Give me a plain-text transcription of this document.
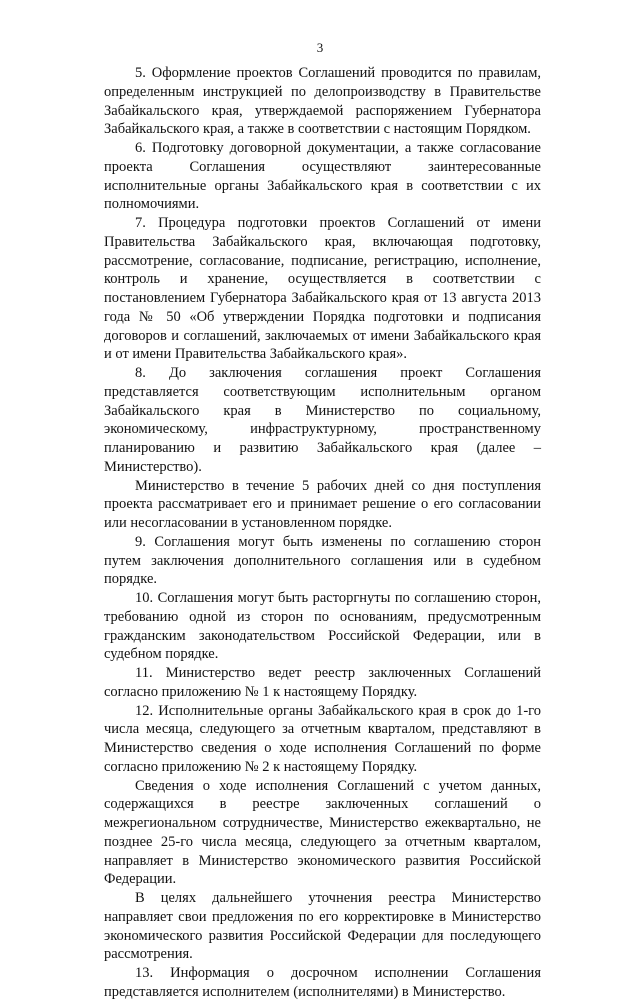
3

5. Оформление проектов Соглашений проводится по правилам, определенным инструкцией по делопроизводству в Правительстве Забайкальского края, утверждаемой распоряжением Губернатора Забайкальского края, а также в соответствии с настоящим Порядком.

6. Подготовку договорной документации, а также согласование проекта Соглашения осуществляют заинтересованные исполнительные органы Забайкальского края в соответствии с их полномочиями.

7. Процедура подготовки проектов Соглашений от имени Правительства Забайкальского края, включающая подготовку, рассмотрение, согласование, подписание, регистрацию, исполнение, контроль и хранение, осуществляется в соответствии с постановлением Губернатора Забайкальского края от 13 августа 2013 года № 50 «Об утверждении Порядка подготовки и подписания договоров и соглашений, заключаемых от имени Забайкальского края и от имени Правительства Забайкальского края».

8. До заключения соглашения проект Соглашения представляется соответствующим исполнительным органом Забайкальского края в Министерство по социальному, экономическому, инфраструктурному, пространственному планированию и развитию Забайкальского края (далее – Министерство).

Министерство в течение 5 рабочих дней со дня поступления проекта рассматривает его и принимает решение о его согласовании или несогласовании в установленном порядке.

9. Соглашения могут быть изменены по соглашению сторон путем заключения дополнительного соглашения или в судебном порядке.

10. Соглашения могут быть расторгнуты по соглашению сторон, требованию одной из сторон по основаниям, предусмотренным гражданским законодательством Российской Федерации, или в судебном порядке.

11. Министерство ведет реестр заключенных Соглашений согласно приложению № 1 к настоящему Порядку.

12. Исполнительные органы Забайкальского края в срок до 1-го числа месяца, следующего за отчетным кварталом, представляют в Министерство сведения о ходе исполнения Соглашений по форме согласно приложению № 2 к настоящему Порядку.

Сведения о ходе исполнения Соглашений с учетом данных, содержащихся в реестре заключенных соглашений о межрегиональном сотрудничестве, Министерство ежеквартально, не позднее 25-го числа месяца, следующего за отчетным кварталом, направляет в Министерство экономического развития Российской Федерации.

В целях дальнейшего уточнения реестра Министерство направляет свои предложения по его корректировке в Министерство экономического развития Российской Федерации для последующего рассмотрения.

13. Информация о досрочном исполнении Соглашения представляется исполнителем (исполнителями) в Министерство.
